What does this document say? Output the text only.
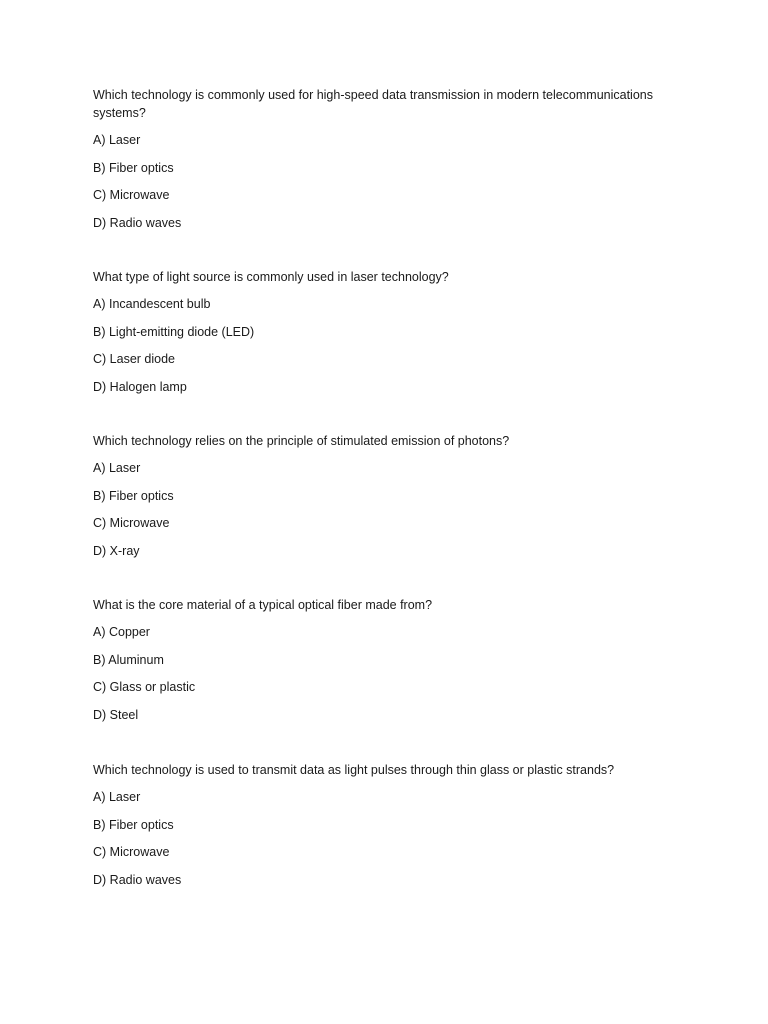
Which technology is commonly used for high-speed data transmission in modern telecommunications systems?

A) Laser
B) Fiber optics
C) Microwave
D) Radio waves

What type of light source is commonly used in laser technology?

A) Incandescent bulb
B) Light-emitting diode (LED)
C) Laser diode
D) Halogen lamp

Which technology relies on the principle of stimulated emission of photons?

A) Laser
B) Fiber optics
C) Microwave
D) X-ray

What is the core material of a typical optical fiber made from?

A) Copper
B) Aluminum
C) Glass or plastic
D) Steel

Which technology is used to transmit data as light pulses through thin glass or plastic strands?

A) Laser
B) Fiber optics
C) Microwave
D) Radio waves
